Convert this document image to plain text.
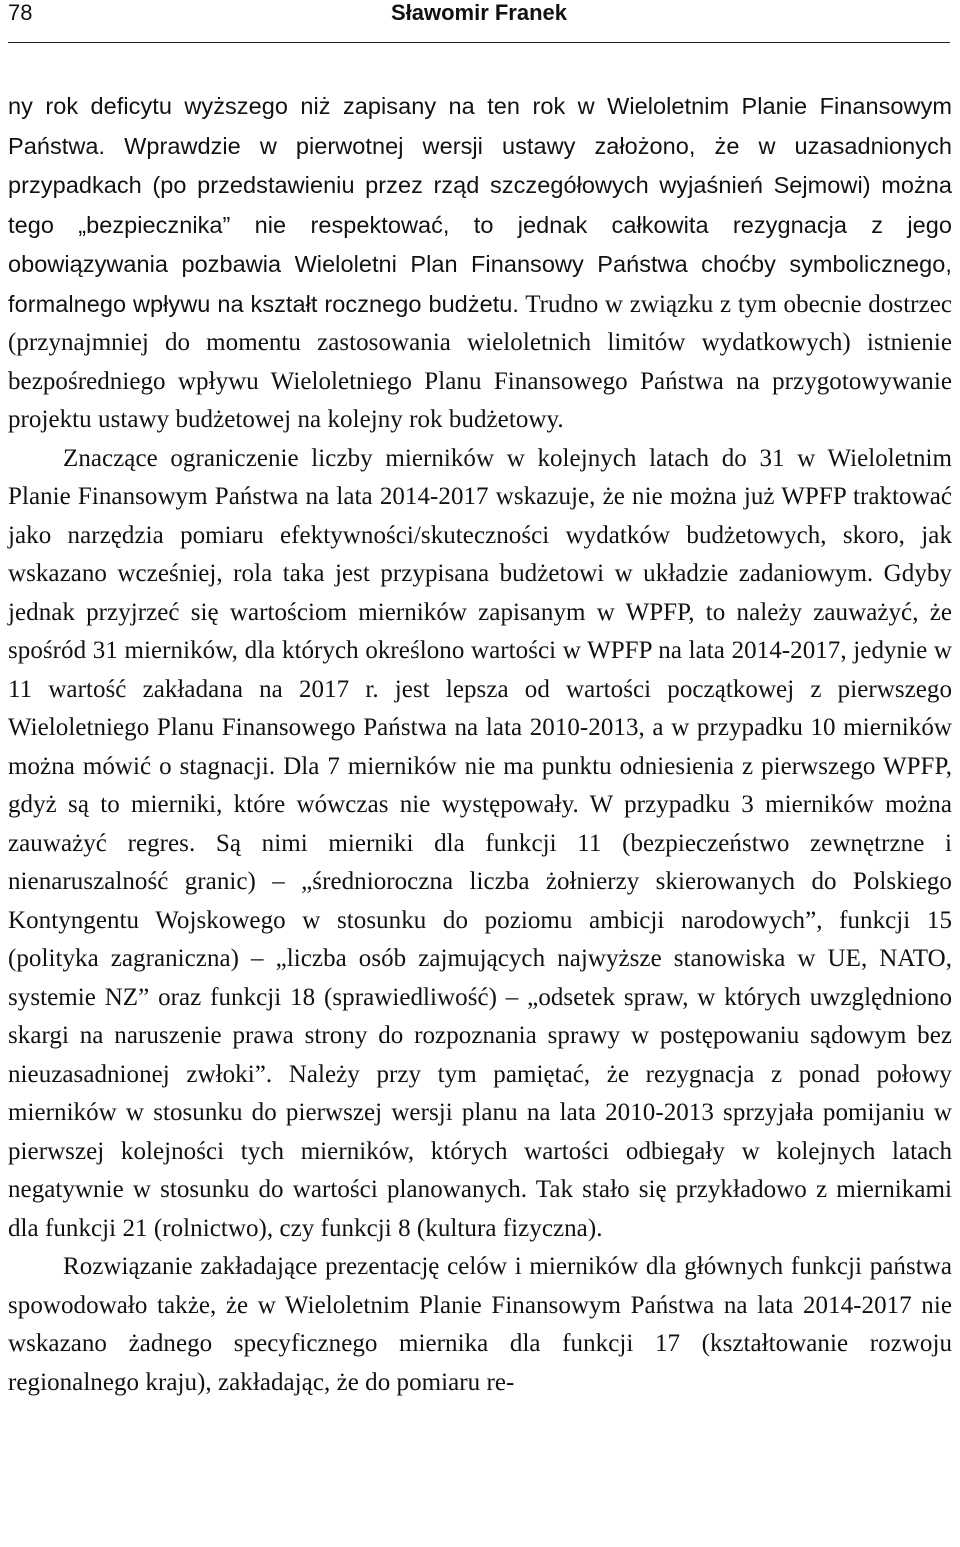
78	Sławomir Franek

ny rok deficytu wyższego niż zapisany na ten rok w Wieloletnim Planie Finansowym Państwa. Wprawdzie w pierwotnej wersji ustawy założono, że w uzasadnionych przypadkach (po przedstawieniu przez rząd szczegółowych wyjaśnień Sejmowi) można tego „bezpiecznika” nie respektować, to jednak całkowita rezygnacja z jego obowiązywania pozbawia Wieloletni Plan Finansowy Państwa choćby symbolicznego, formalnego wpływu na kształt rocznego budżetu. Trudno w związku z tym obecnie dostrzec (przynajmniej do momentu zastosowania wieloletnich limitów wydatkowych) istnienie bezpośredniego wpływu Wieloletniego Planu Finansowego Państwa na przygotowywanie projektu ustawy budżetowej na kolejny rok budżetowy.

Znaczące ograniczenie liczby mierników w kolejnych latach do 31 w Wieloletnim Planie Finansowym Państwa na lata 2014-2017 wskazuje, że nie można już WPFP traktować jako narzędzia pomiaru efektywności/skuteczności wydatków budżetowych, skoro, jak wskazano wcześniej, rola taka jest przypisana budżetowi w układzie zadaniowym. Gdyby jednak przyjrzeć się wartościom mierników zapisanym w WPFP, to należy zauważyć, że spośród 31 mierników, dla których określono wartości w WPFP na lata 2014-2017, jedynie w 11 wartość zakładana na 2017 r. jest lepsza od wartości początkowej z pierwszego Wieloletniego Planu Finansowego Państwa na lata 2010-2013, a w przypadku 10 mierników można mówić o stagnacji. Dla 7 mierników nie ma punktu odniesienia z pierwszego WPFP, gdyż są to mierniki, które wówczas nie występowały. W przypadku 3 mierników można zauważyć regres. Są nimi mierniki dla funkcji 11 (bezpieczeństwo zewnętrzne i nienaruszalność granic) – „średnioroczna liczba żołnierzy skierowanych do Polskiego Kontyngentu Wojskowego w stosunku do poziomu ambicji narodowych”, funkcji 15 (polityka zagraniczna) – „liczba osób zajmujących najwyższe stanowiska w UE, NATO, systemie NZ” oraz funkcji 18 (sprawiedliwość) – „odsetek spraw, w których uwzględniono skargi na naruszenie prawa strony do rozpoznania sprawy w postępowaniu sądowym bez nieuzasadnionej zwłoki”. Należy przy tym pamiętać, że rezygnacja z ponad połowy mierników w stosunku do pierwszej wersji planu na lata 2010-2013 sprzyjała pomijaniu w pierwszej kolejności tych mierników, których wartości odbiegały w kolejnych latach negatywnie w stosunku do wartości planowanych. Tak stało się przykładowo z miernikami dla funkcji 21 (rolnictwo), czy funkcji 8 (kultura fizyczna).

Rozwiązanie zakładające prezentację celów i mierników dla głównych funkcji państwa spowodowało także, że w Wieloletnim Planie Finansowym Państwa na lata 2014-2017 nie wskazano żadnego specyficznego miernika dla funkcji 17 (kształtowanie rozwoju regionalnego kraju), zakładając, że do pomiaru re-
